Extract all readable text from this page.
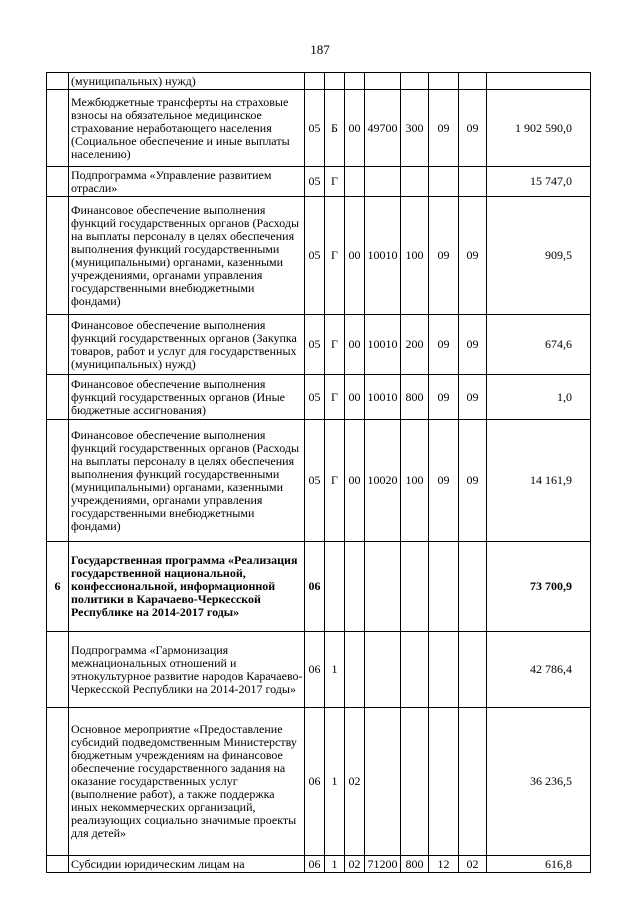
187
	(муниципальных) нужд)								
	Межбюджетные трансферты на страховые взносы на обязательное медицинское страхование неработающего населения (Социальное обеспечение и иные выплаты населению)	05	Б	00	49700	300	09	09	1 902 590,0
	Подпрограмма «Управление развитием отрасли»	05	Г						15 747,0
	Финансовое обеспечение выполнения функций государственных органов (Расходы на выплаты персоналу в целях обеспечения выполнения функций государственными (муниципальными) органами, казенными учреждениями, органами управления государственными внебюджетными фондами)	05	Г	00	10010	100	09	09	909,5
	Финансовое обеспечение выполнения функций государственных органов (Закупка товаров, работ и услуг для государственных (муниципальных) нужд)	05	Г	00	10010	200	09	09	674,6
	Финансовое обеспечение выполнения функций государственных органов (Иные бюджетные ассигнования)	05	Г	00	10010	800	09	09	1,0
	Финансовое обеспечение выполнения функций государственных органов (Расходы на выплаты персоналу в целях обеспечения выполнения функций государственными (муниципальными) органами, казенными учреждениями, органами управления государственными внебюджетными фондами)	05	Г	00	10020	100	09	09	14 161,9
6	Государственная программа «Реализация государственной национальной, конфессиональной, информационной политики в Карачаево-Черкесской Республике на 2014-2017 годы»	06							73 700,9
	Подпрограмма «Гармонизация межнациональных отношений и этнокультурное развитие народов Карачаево-Черкесской Республики на 2014-2017 годы»	06	1						42 786,4
	Основное мероприятие «Предоставление субсидий подведомственным Министерству бюджетным учреждениям на финансовое обеспечение государственного задания на оказание государственных услуг (выполнение работ), а также поддержка иных некоммерческих организаций, реализующих социально значимые проекты для детей»	06	1	02					36 236,5
	Субсидии юридическим лицам на	06	1	02	71200	800	12	02	616,8
